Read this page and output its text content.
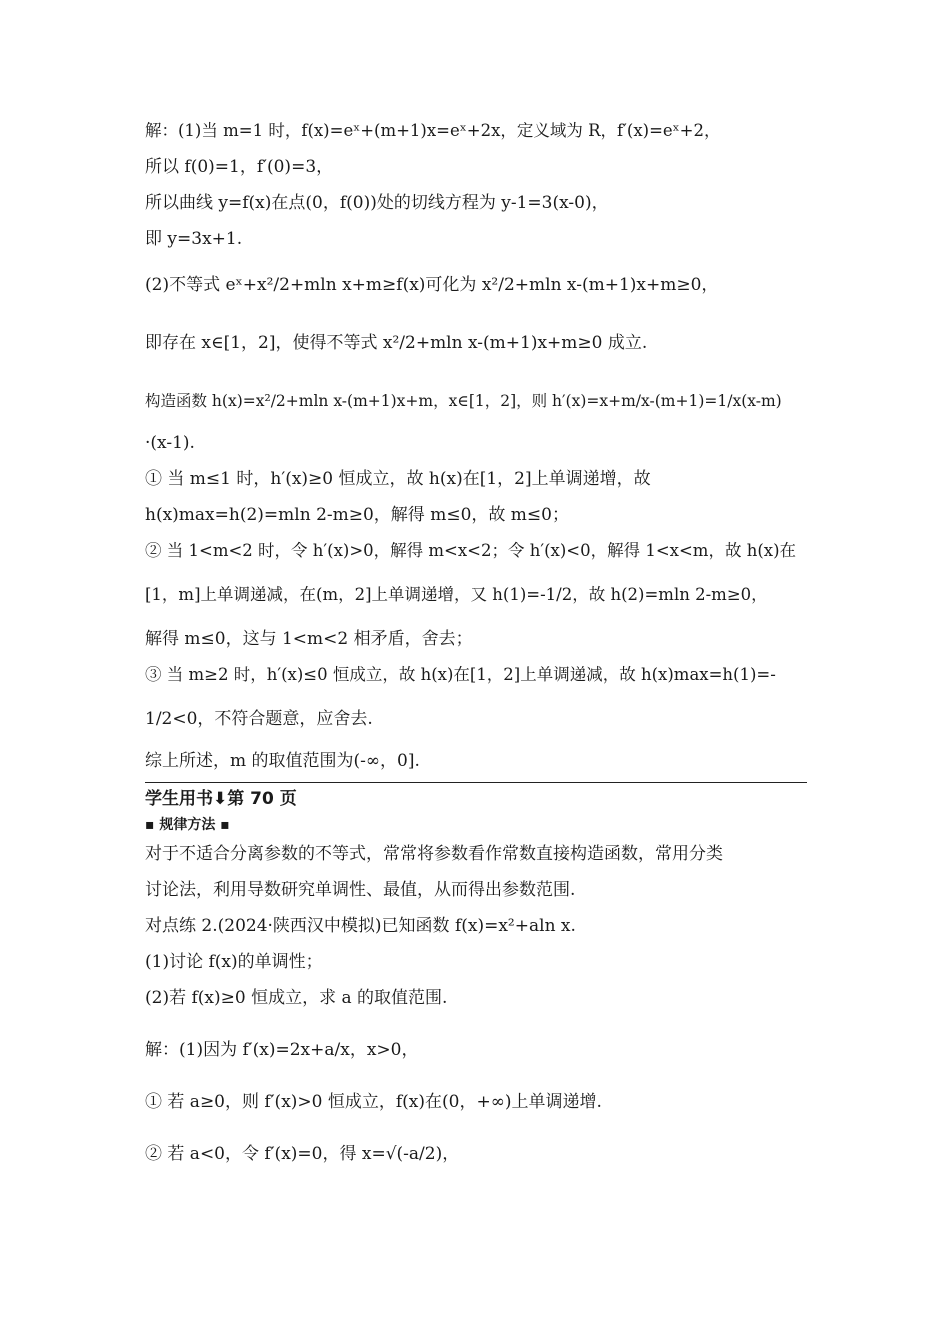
解：(1)当 m=1 时，f(x)=eˣ+(m+1)x=eˣ+2x，定义域为 R，f′(x)=eˣ+2，
所以 f(0)=1，f′(0)=3，
所以曲线 y=f(x)在点(0，f(0))处的切线方程为 y-1=3(x-0)，
即 y=3x+1.
(2)不等式 eˣ+x²/2+mln x+m≥f(x)可化为 x²/2+mln x-(m+1)x+m≥0，
即存在 x∈[1，2]，使得不等式 x²/2+mln x-(m+1)x+m≥0 成立.
构造函数 h(x)=x²/2+mln x-(m+1)x+m，x∈[1，2]，则 h′(x)=x+m/x-(m+1)=1/x(x-m)
·(x-1).
① 当 m≤1 时，h′(x)≥0 恒成立，故 h(x)在[1，2]上单调递增，故
h(x)max=h(2)=mln 2-m≥0，解得 m≤0，故 m≤0；
② 当 1<m<2 时，令 h′(x)>0，解得 m<x<2；令 h′(x)<0，解得 1<x<m，故 h(x)在
[1，m]上单调递减，在(m，2]上单调递增，又 h(1)=-1/2，故 h(2)=mln 2-m≥0，
解得 m≤0，这与 1<m<2 相矛盾，舍去；
③ 当 m≥2 时，h′(x)≤0 恒成立，故 h(x)在[1，2]上单调递减，故 h(x)max=h(1)=-
1/2<0，不符合题意，应舍去.
综上所述，m 的取值范围为(-∞，0].
学生用书⬇第 70 页
▪ 规律方法 ▪
对于不适合分离参数的不等式，常常将参数看作常数直接构造函数，常用分类
讨论法，利用导数研究单调性、最值，从而得出参数范围.
对点练 2.(2024·陕西汉中模拟)已知函数 f(x)=x²+aln x.
(1)讨论 f(x)的单调性；
(2)若 f(x)≥0 恒成立，求 a 的取值范围.
解：(1)因为 f′(x)=2x+a/x，x>0，
① 若 a≥0，则 f′(x)>0 恒成立，f(x)在(0，+∞)上单调递增.
② 若 a<0，令 f′(x)=0，得 x=√(-a/2)，
